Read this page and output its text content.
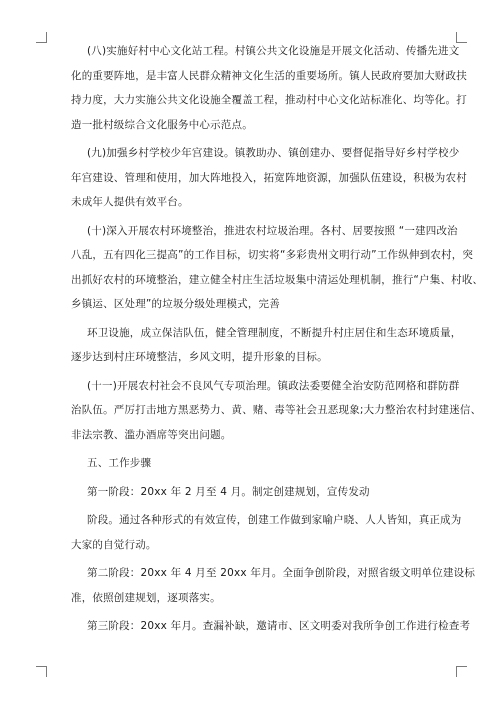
(八)实施好村中心文化站工程。村镇公共文化设施是开展文化活动、传播先进文
化的重要阵地，是丰富人民群众精神文化生活的重要场所。镇人民政府要加大财政扶
持力度，大力实施公共文化设施全覆盖工程，推动村中心文化站标准化、均等化。打
造一批村级综合文化服务中心示范点。

(九)加强乡村学校少年宫建设。镇教助办、镇创建办、要督促指导好乡村学校少
年宫建设、管理和使用，加大阵地投入，拓宽阵地资源，加强队伍建设，积极为农村
未成年人提供有效平台。

(十)深入开展农村环境整治，推进农村垃圾治理。各村、居要按照 “一建四改治
八乱，五有四化三提高”的工作目标，切实将“多彩贵州文明行动”工作纵伸到农村，突
出抓好农村的环境整治，建立健全村庄生活垃圾集中清运处理机制，推行“户集、村收、
乡镇运、区处理”的垃圾分级处理模式，完善

环卫设施，成立保洁队伍，健全管理制度，不断提升村庄居住和生态环境质量，
逐步达到村庄环境整洁，乡风文明，提升形象的目标。

(十一)开展农村社会不良风气专项治理。镇政法委要健全治安防范网格和群防群
治队伍。严厉打击地方黑恶势力、黄、赌、毒等社会丑恶现象;大力整治农村封建迷信、
非法宗教、滥办酒席等突出问题。

五、工作步骤

第一阶段：20xx 年 2 月至 4 月。制定创建规划，宣传发动

阶段。通过各种形式的有效宣传，创建工作做到家喻户晓、人人皆知，真正成为
大家的自觉行动。

第二阶段：20xx 年 4 月至 20xx 年月。全面争创阶段，对照省级文明单位建设标
准，依照创建规划，逐项落实。

第三阶段：20xx 年月。查漏补缺，邀请市、区文明委对我所争创工作进行检查考
